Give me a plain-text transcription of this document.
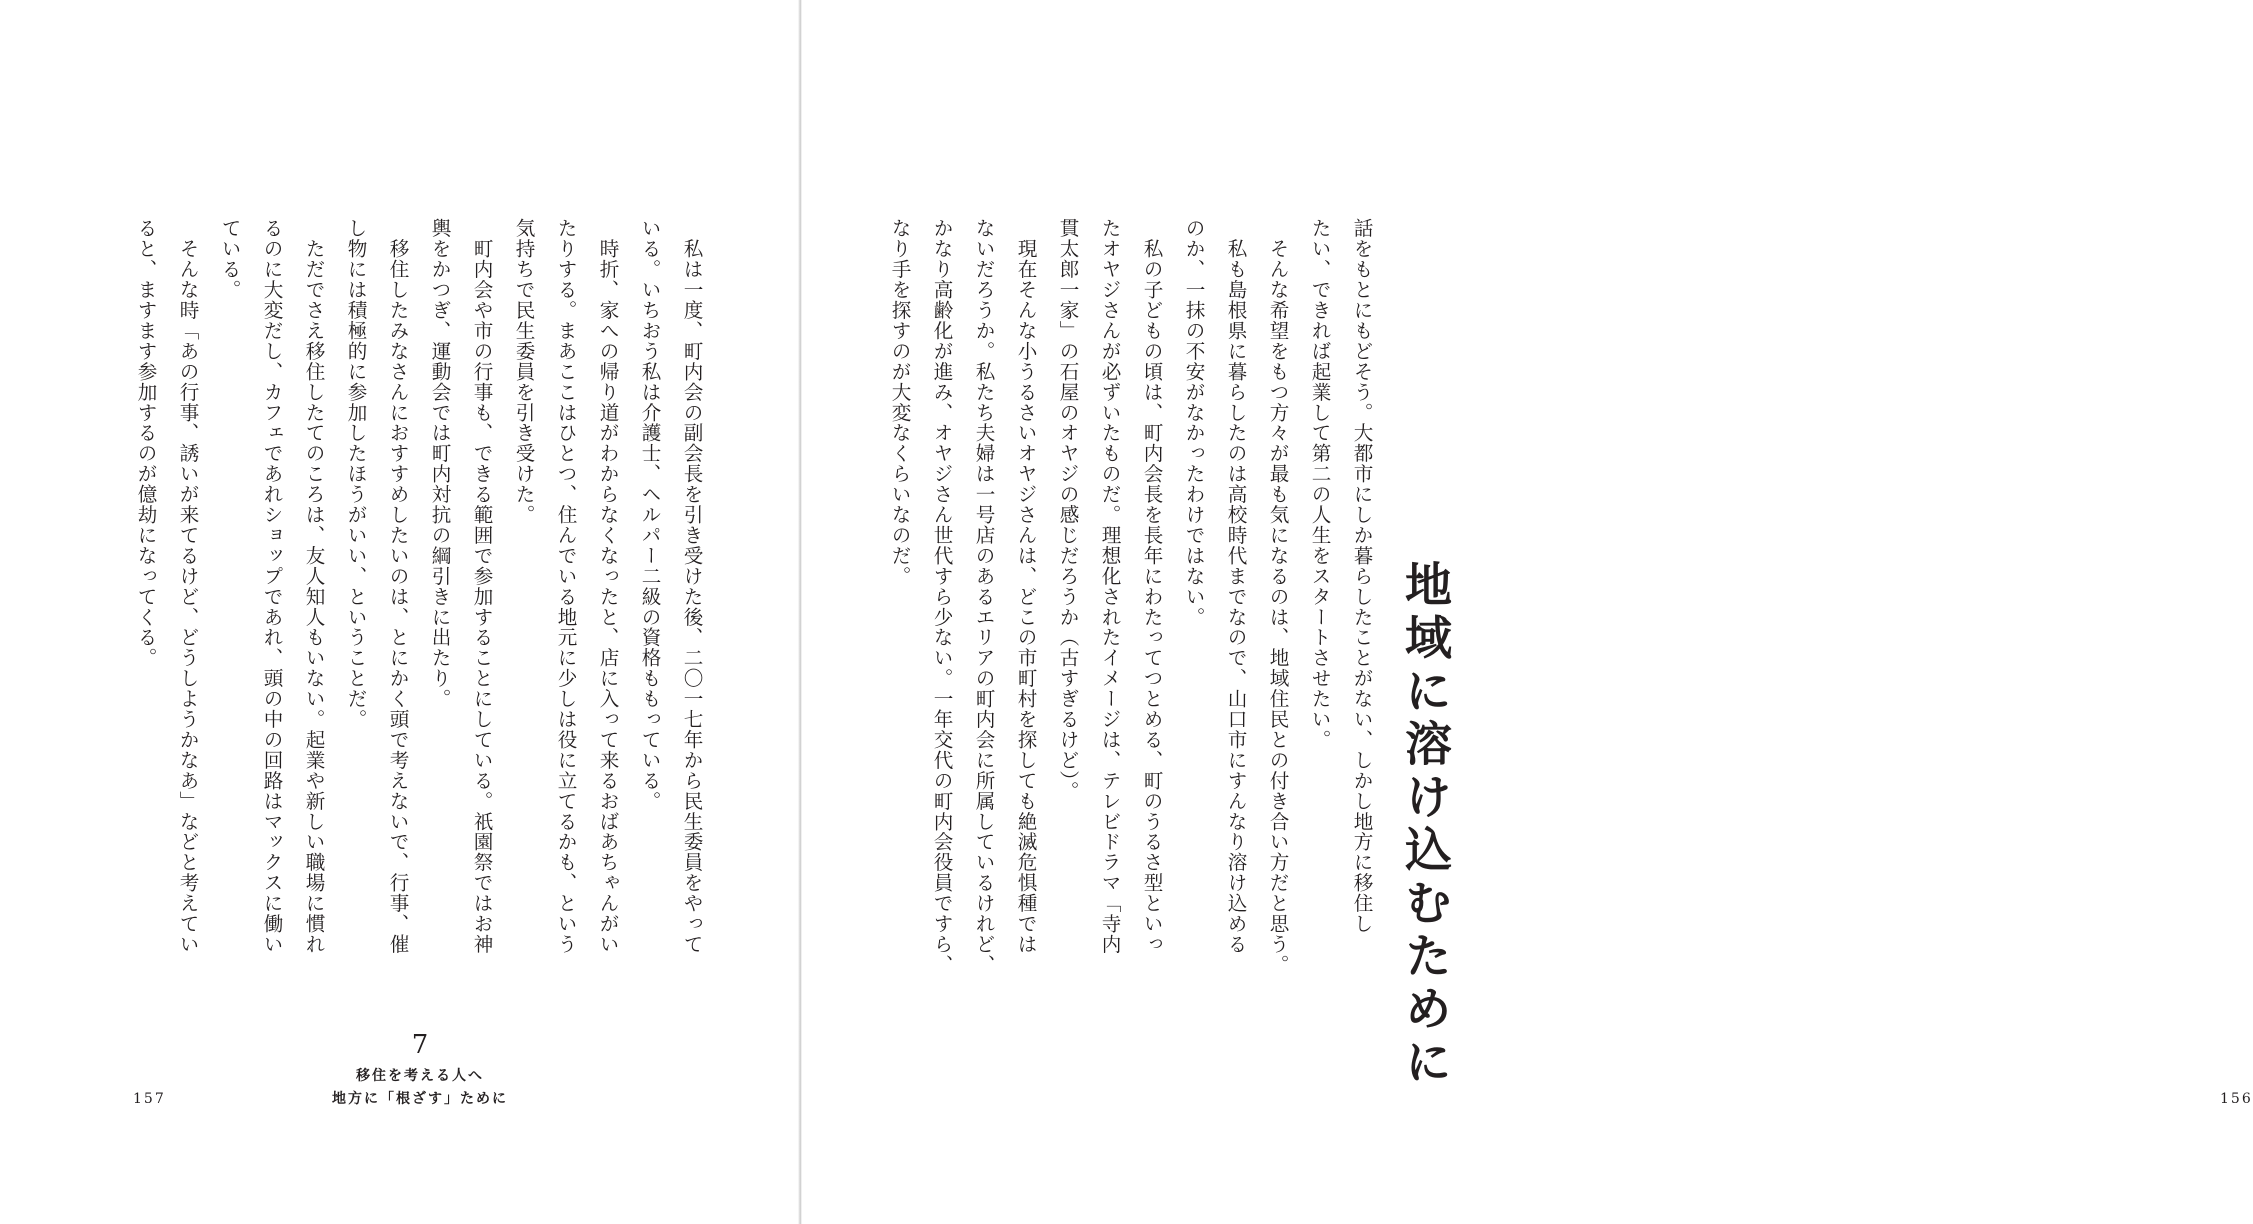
　私は一度、町内会の副会長を引き受けた後、二〇一七年から民生委員をやって
いる。いちおう私は介護士、ヘルパー二級の資格ももっている。
　時折、家への帰り道がわからなくなったと、店に入って来るおばあちゃんがい
たりする。まあここはひとつ、住んでいる地元に少しは役に立てるかも、という
気持ちで民生委員を引き受けた。
　町内会や市の行事も、できる範囲で参加することにしている。祇園祭ではお神
輿をかつぎ、運動会では町内対抗の綱引きに出たり。
　移住したみなさんにおすすめしたいのは、とにかく頭で考えないで、行事、催
し物には積極的に参加したほうがいい、ということだ。
　ただでさえ移住したてのころは、友人知人もいない。起業や新しい職場に慣れ
るのに大変だし、カフェであれショップであれ、頭の中の回路はマックスに働い
ている。
　そんな時「あの行事、誘いが来てるけど、どうしようかなあ」などと考えてい
ると、ますます参加するのが億劫になってくる。
7
移住を考える人へ
地方に「根ざす」ために
157
話をもとにもどそう。大都市にしか暮らしたことがない、しかし地方に移住し
たい、できれば起業して第二の人生をスタートさせたい。
　そんな希望をもつ方々が最も気になるのは、地域住民との付き合い方だと思う。
　私も島根県に暮らしたのは高校時代までなので、山口市にすんなり溶け込める
のか、一抹の不安がなかったわけではない。
　私の子どもの頃は、町内会長を長年にわたってつとめる、町のうるさ型といっ
たオヤジさんが必ずいたものだ。理想化されたイメージは、テレビドラマ「寺内
貫太郎一家」の石屋のオヤジの感じだろうか（古すぎるけど）。
　現在そんな小うるさいオヤジさんは、どこの市町村を探しても絶滅危惧種では
ないだろうか。私たち夫婦は一号店のあるエリアの町内会に所属しているけれど、
かなり高齢化が進み、オヤジさん世代すら少ない。一年交代の町内会役員ですら、
なり手を探すのが大変なくらいなのだ。
地域に溶け込むために
156
